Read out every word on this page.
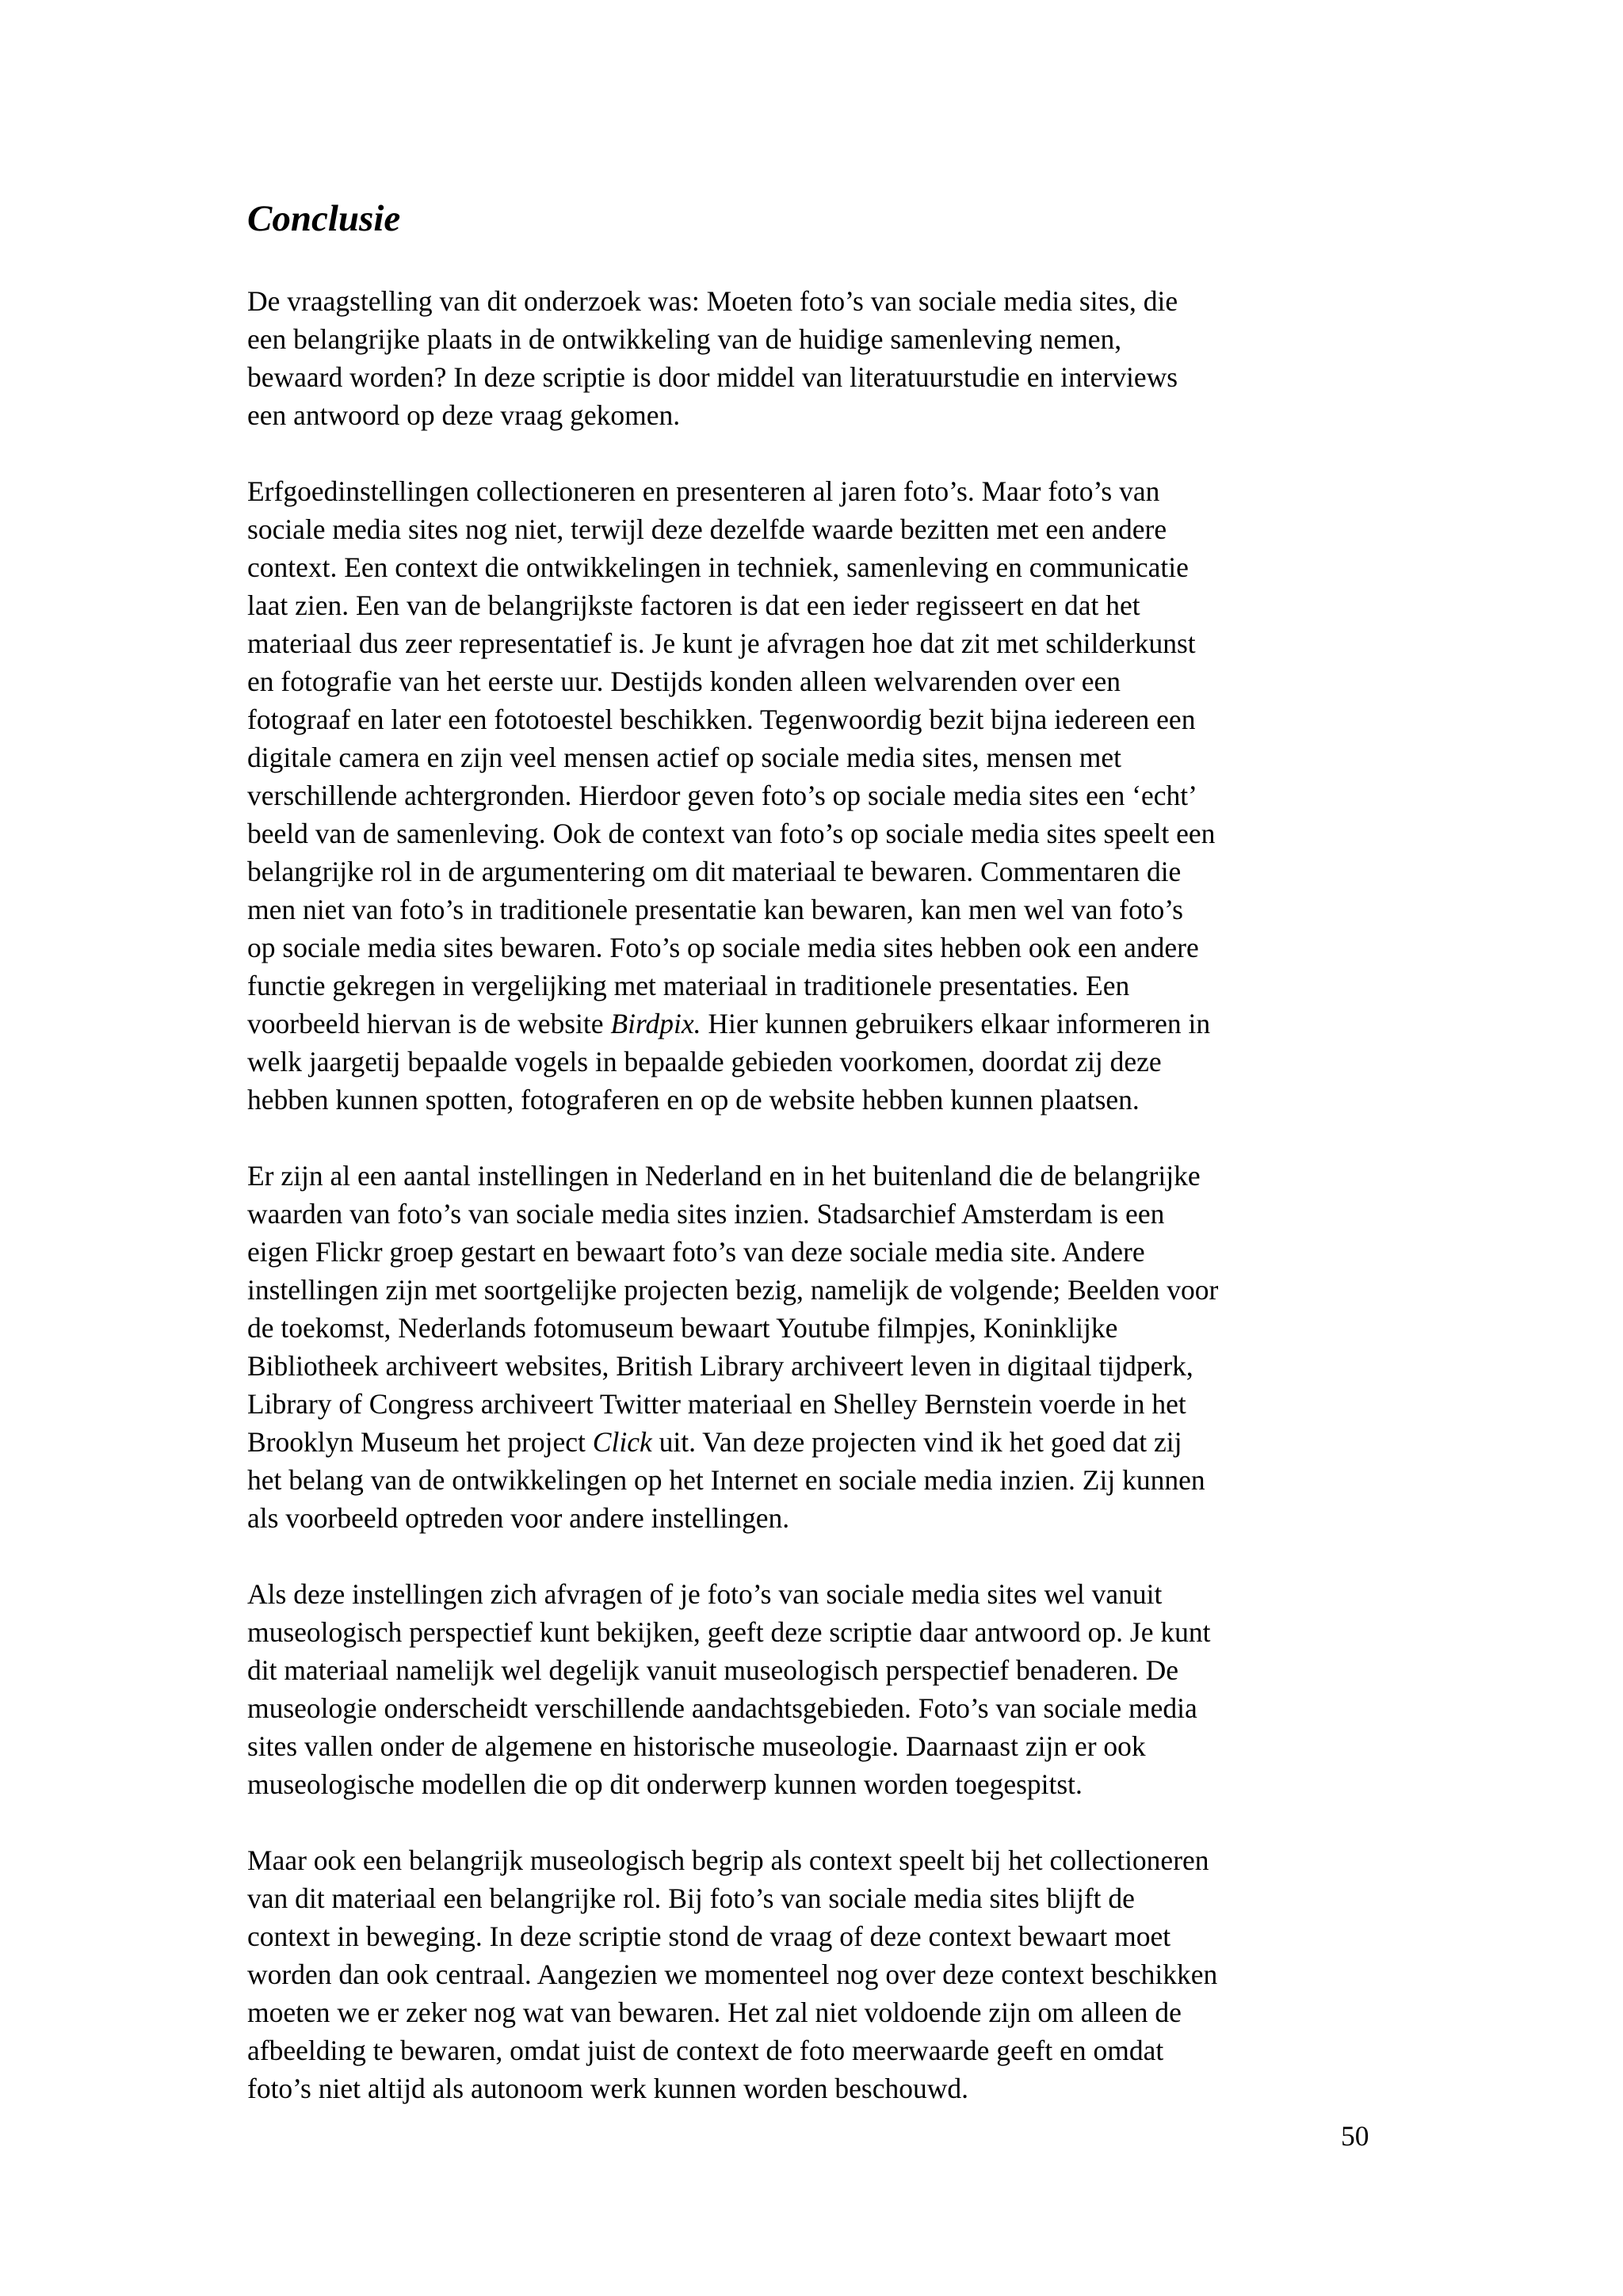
Conclusie

De vraagstelling van dit onderzoek was: Moeten foto’s van sociale media sites, die
een belangrijke plaats in de ontwikkeling van de huidige samenleving nemen,
bewaard worden? In deze scriptie is door middel van literatuurstudie en interviews
een antwoord op deze vraag gekomen.

Erfgoedinstellingen collectioneren en presenteren al jaren foto’s. Maar foto’s van
sociale media sites nog niet, terwijl deze dezelfde waarde bezitten met een andere
context. Een context die ontwikkelingen in techniek, samenleving en communicatie
laat zien. Een van de belangrijkste factoren is dat een ieder regisseert en dat het
materiaal dus zeer representatief is. Je kunt je afvragen hoe dat zit met schilderkunst
en fotografie van het eerste uur. Destijds konden alleen welvarenden over een
fotograaf en later een fototoestel beschikken. Tegenwoordig bezit bijna iedereen een
digitale camera en zijn veel mensen actief op sociale media sites, mensen met
verschillende achtergronden. Hierdoor geven foto’s op sociale media sites een ‘echt’
beeld van de samenleving. Ook de context van foto’s op sociale media sites speelt een
belangrijke rol in de argumentering om dit materiaal te bewaren. Commentaren die
men niet van foto’s in traditionele presentatie kan bewaren, kan men wel van foto’s
op sociale media sites bewaren. Foto’s op sociale media sites hebben ook een andere
functie gekregen in vergelijking met materiaal in traditionele presentaties. Een
voorbeeld hiervan is de website Birdpix. Hier kunnen gebruikers elkaar informeren in
welk jaargetij bepaalde vogels in bepaalde gebieden voorkomen, doordat zij deze
hebben kunnen spotten, fotograferen en op de website hebben kunnen plaatsen.

Er zijn al een aantal instellingen in Nederland en in het buitenland die de belangrijke
waarden van foto’s van sociale media sites inzien. Stadsarchief Amsterdam is een
eigen Flickr groep gestart en bewaart foto’s van deze sociale media site. Andere
instellingen zijn met soortgelijke projecten bezig, namelijk de volgende; Beelden voor
de toekomst, Nederlands fotomuseum bewaart Youtube filmpjes, Koninklijke
Bibliotheek archiveert websites, British Library archiveert leven in digitaal tijdperk,
Library of Congress archiveert Twitter materiaal en Shelley Bernstein voerde in het
Brooklyn Museum het project Click uit. Van deze projecten vind ik het goed dat zij
het belang van de ontwikkelingen op het Internet en sociale media inzien. Zij kunnen
als voorbeeld optreden voor andere instellingen.

Als deze instellingen zich afvragen of je foto’s van sociale media sites wel vanuit
museologisch perspectief kunt bekijken, geeft deze scriptie daar antwoord op. Je kunt
dit materiaal namelijk wel degelijk vanuit museologisch perspectief benaderen. De
museologie onderscheidt verschillende aandachtsgebieden. Foto’s van sociale media
sites vallen onder de algemene en historische museologie. Daarnaast zijn er ook
museologische modellen die op dit onderwerp kunnen worden toegespitst.

Maar ook een belangrijk museologisch begrip als context speelt bij het collectioneren
van dit materiaal een belangrijke rol. Bij foto’s van sociale media sites blijft de
context in beweging. In deze scriptie stond de vraag of deze context bewaart moet
worden dan ook centraal. Aangezien we momenteel nog over deze context beschikken
moeten we er zeker nog wat van bewaren. Het zal niet voldoende zijn om alleen de
afbeelding te bewaren, omdat juist de context de foto meerwaarde geeft en omdat
foto’s niet altijd als autonoom werk kunnen worden beschouwd.

50
